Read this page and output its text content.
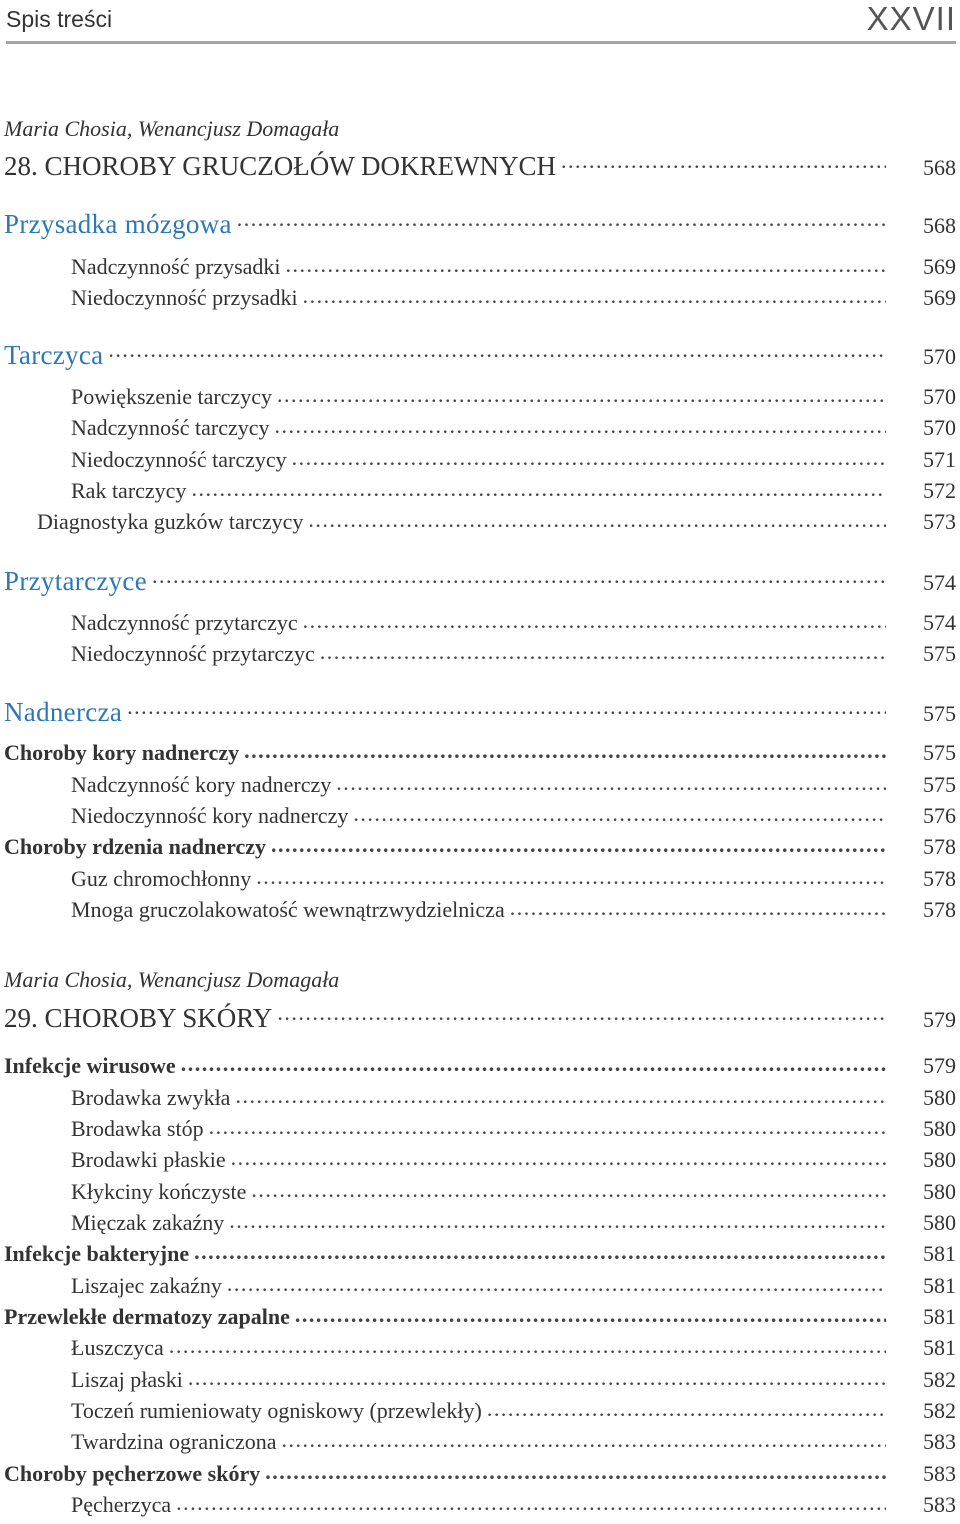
Spis treści	XXVII
Maria Chosia, Wenancjusz Domagała
28. CHOROBY GRUCZOŁÓW DOKREWNYCH . . .	568
Przysadka mózgowa . . .	568
Nadczynność przysadki . . .	569
Niedoczynność przysadki . . .	569
Tarczyca . . .	570
Powiększenie tarczycy . . .	570
Nadczynność tarczycy . . .	570
Niedoczynność tarczycy . . .	571
Rak tarczycy . . .	572
Diagnostyka guzków tarczycy . . .	573
Przytarczyce . . .	574
Nadczynność przytarczyc . . .	574
Niedoczynność przytarczyc . . .	575
Nadnercza . . .	575
Choroby kory nadnerczy . . .	575
Nadczynność kory nadnerczy . . .	575
Niedoczynność kory nadnerczy . . .	576
Choroby rdzenia nadnerczy . . .	578
Guz chromochłonny . . .	578
Mnoga gruczolakowatość wewnątrzwydzielnicza . . .	578
Maria Chosia, Wenancjusz Domagała
29. CHOROBY SKÓRY . . .	579
Infekcje wirusowe . . .	579
Brodawka zwykła . . .	580
Brodawka stóp . . .	580
Brodawki płaskie . . .	580
Kłykciny kończyste . . .	580
Mięczak zakaźny . . .	580
Infekcje bakteryjne . . .	581
Liszajec zakaźny . . .	581
Przewlekłe dermatozy zapalne . . .	581
Łuszczyca . . .	581
Liszaj płaski . . .	582
Toczeń rumieniowaty ogniskowy (przewlekły) . . .	582
Twardzina ograniczona . . .	583
Choroby pęcherzowe skóry . . .	583
Pęcherzyca . . .	583
